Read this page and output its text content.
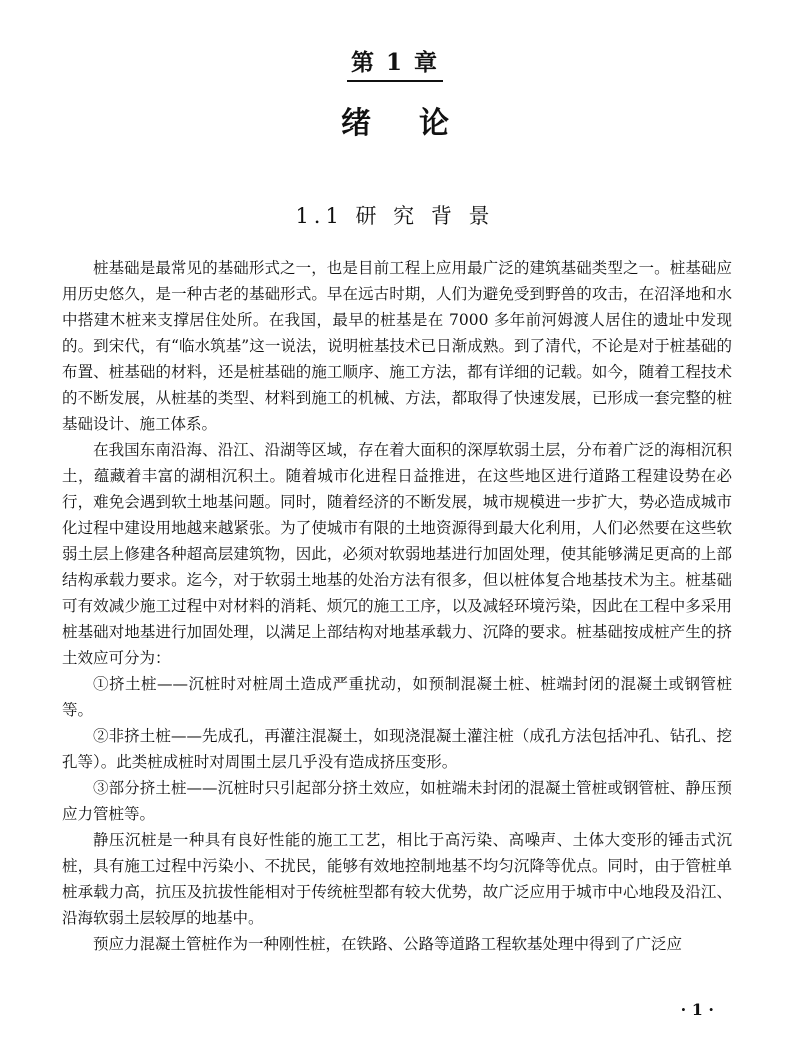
第 1 章
绪论
1.1 研 究 背 景

桩基础是最常见的基础形式之一，也是目前工程上应用最广泛的建筑基础类型之一。桩基础应用历史悠久，是一种古老的基础形式。早在远古时期，人们为避免受到野兽的攻击，在沼泽地和水中搭建木桩来支撑居住处所。在我国，最早的桩基是在 7000 多年前河姆渡人居住的遗址中发现的。到宋代，有“临水筑基”这一说法，说明桩基技术已日渐成熟。到了清代，不论是对于桩基础的布置、桩基础的材料，还是桩基础的施工顺序、施工方法，都有详细的记载。如今，随着工程技术的不断发展，从桩基的类型、材料到施工的机械、方法，都取得了快速发展，已形成一套完整的桩基础设计、施工体系。

在我国东南沿海、沿江、沿湖等区域，存在着大面积的深厚软弱土层，分布着广泛的海相沉积土，蕴藏着丰富的湖相沉积土。随着城市化进程日益推进，在这些地区进行道路工程建设势在必行，难免会遇到软土地基问题。同时，随着经济的不断发展，城市规模进一步扩大，势必造成城市化过程中建设用地越来越紧张。为了使城市有限的土地资源得到最大化利用，人们必然要在这些软弱土层上修建各种超高层建筑物，因此，必须对软弱地基进行加固处理，使其能够满足更高的上部结构承载力要求。迄今，对于软弱土地基的处治方法有很多，但以桩体复合地基技术为主。桩基础可有效减少施工过程中对材料的消耗、烦冗的施工工序，以及减轻环境污染，因此在工程中多采用桩基础对地基进行加固处理，以满足上部结构对地基承载力、沉降的要求。桩基础按成桩产生的挤土效应可分为：

①挤土桩——沉桩时对桩周土造成严重扰动，如预制混凝土桩、桩端封闭的混凝土或钢管桩等。

②非挤土桩——先成孔，再灌注混凝土，如现浇混凝土灌注桩（成孔方法包括冲孔、钻孔、挖孔等）。此类桩成桩时对周围土层几乎没有造成挤压变形。

③部分挤土桩——沉桩时只引起部分挤土效应，如桩端未封闭的混凝土管桩或钢管桩、静压预应力管桩等。

静压沉桩是一种具有良好性能的施工工艺，相比于高污染、高噪声、土体大变形的锤击式沉桩，具有施工过程中污染小、不扰民，能够有效地控制地基不均匀沉降等优点。同时，由于管桩单桩承载力高，抗压及抗拔性能相对于传统桩型都有较大优势，故广泛应用于城市中心地段及沿江、沿海软弱土层较厚的地基中。

预应力混凝土管桩作为一种刚性桩，在铁路、公路等道路工程软基处理中得到了广泛应

· 1 ·
